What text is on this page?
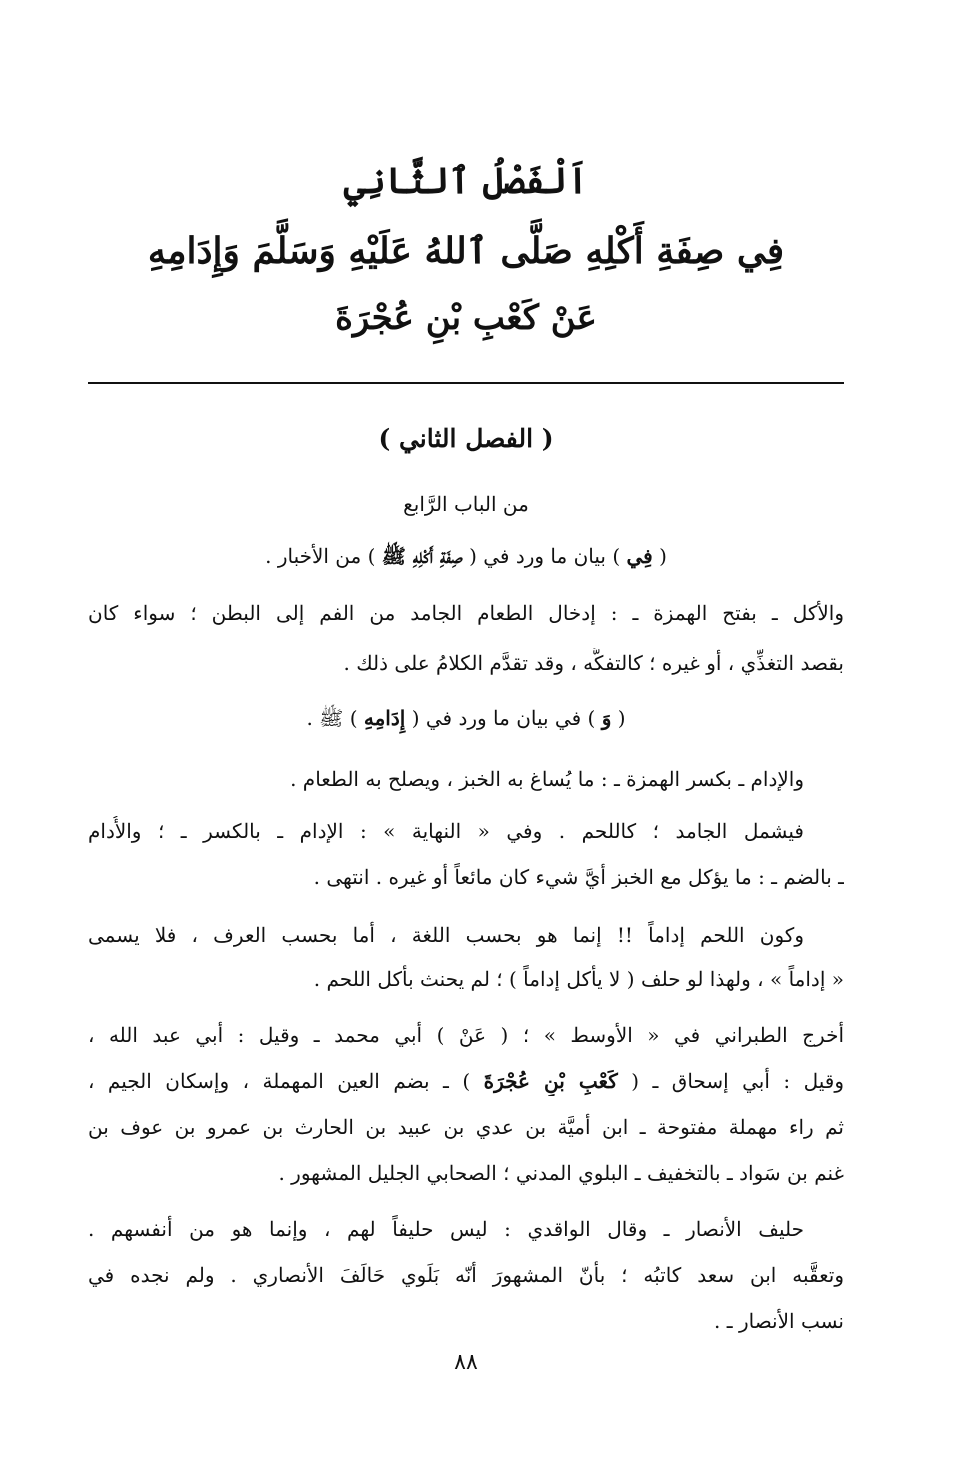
اَلْفَصْلُ ٱلثَّانِي
فِي صِفَةِ أَكْلِهِ صَلَّى ٱللهُ عَلَيْهِ وَسَلَّمَ وَإِدَامِهِ
عَنْ كَعْبِ بْنِ عُجْرَةَ
( الفصل الثاني )
من الباب الرَّابع
( فِي ) بيان ما ورد في ( صِفَةِ أَكْلِهِ ﷺ ) من الأخبار .
والأكل ـ بفتح الهمزة ـ : إدخال الطعام الجامد من الفم إلى البطن ؛ سواء كان
بقصد التغذِّي ، أو غيره ؛ كالتفكُّه ، وقد تقدَّم الكلامُ على ذلك .
( وَ ) في بيان ما ورد في ( إِدَامِهِ ) ﷺ .
والإدام ـ بكسر الهمزة ـ : ما يُساغ به الخبز ، ويصلح به الطعام .
فيشمل الجامد ؛ كاللحم . وفي « النهاية » : الإدام ـ بالكسر ـ ؛ والأُدام
ـ بالضم ـ : ما يؤكل مع الخبز أيَّ شيء كان مائعاً أو غيره . انتهى .
وكون اللحم إداماً !! إنما هو بحسب اللغة ، أما بحسب العرف ، فلا يسمى
« إداماً » ، ولهذا لو حلف ( لا يأكل إداماً ) ؛ لم يحنث بأكل اللحم .
أخرج الطبراني في « الأوسط » ؛ ( عَنْ ) أبي محمد ـ وقيل : أبي عبد الله ،
وقيل : أبي إسحاق ـ ( كَعْبِ بْنِ عُجْرَةَ ) ـ بضم العين المهملة ، وإسكان الجيم ،
ثم راء مهملة مفتوحة ـ ابن أميَّة بن عدي بن عبيد بن الحارث بن عمرو بن عوف بن
غنم بن سَواد ـ بالتخفيف ـ البلوي المدني ؛ الصحابي الجليل المشهور .
حليف الأنصار ـ وقال الواقدي : ليس حليفاً لهم ، وإنما هو من أنفسهم .
وتعقَّبه ابن سعد كاتبُه ؛ بأنّ المشهورَ أنّه بَلَوي حَالَفَ الأنصاري . ولم نجده في
نسب الأنصار ـ .
٨٨
